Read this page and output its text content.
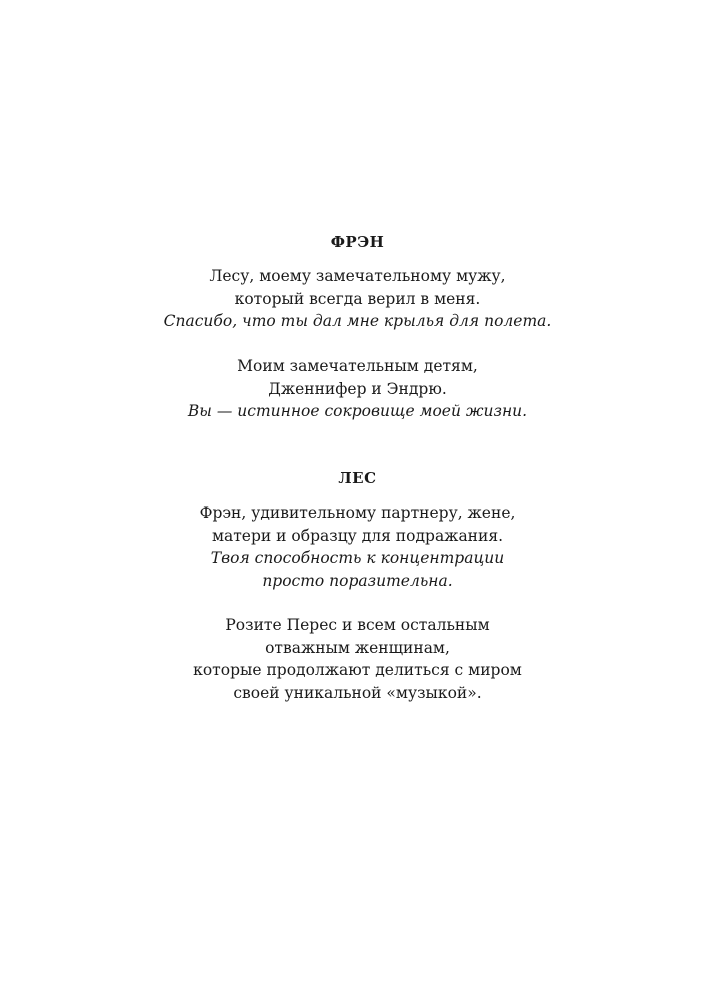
ФРЭН

Лесу, моему замечательному мужу,
который всегда верил в меня.
Спасибо, что ты дал мне крылья для полета.

Моим замечательным детям,
Дженнифер и Эндрю.
Вы — истинное сокровище моей жизни.

ЛЕС

Фрэн, удивительному партнеру, жене,
матери и образцу для подражания.
Твоя способность к концентрации
просто поразительна.

Розите Перес и всем остальным
отважным женщинам,
которые продолжают делиться с миром
своей уникальной «музыкой».
